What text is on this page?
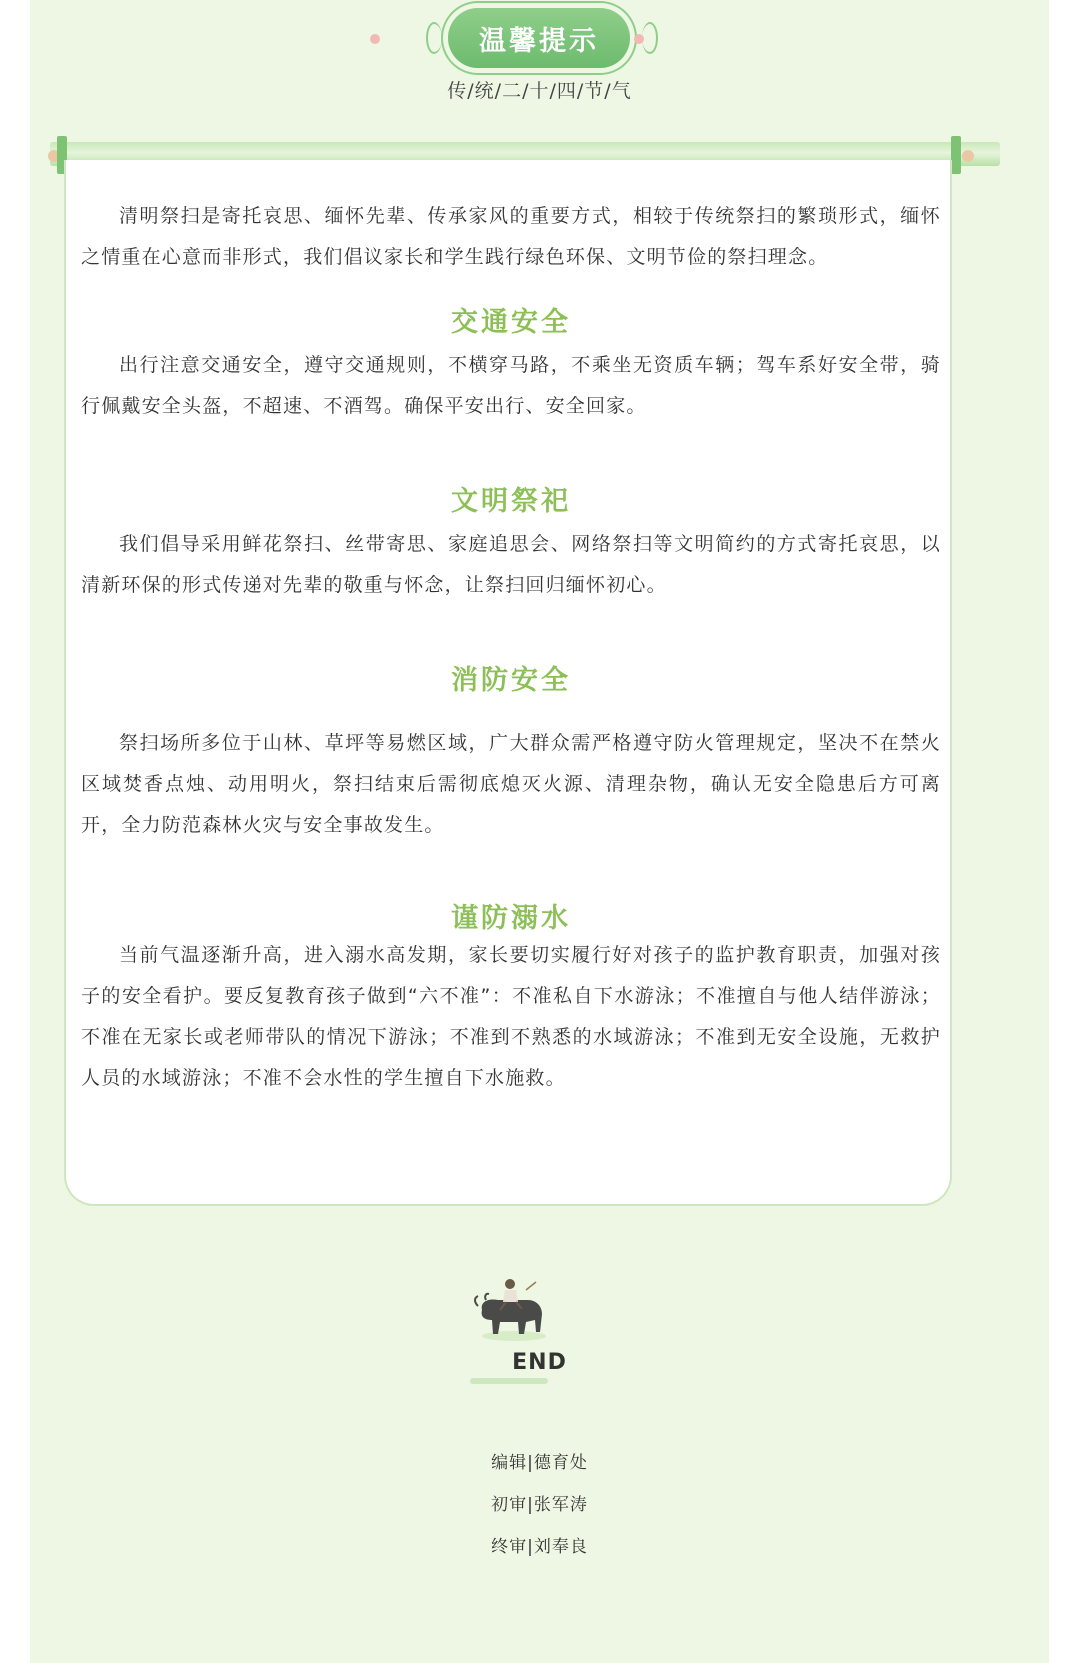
温馨提示
传/统/二/十/四/节/气

清明祭扫是寄托哀思、缅怀先辈、传承家风的重要方式，相较于传统祭扫的繁琐形式，缅怀之情重在心意而非形式，我们倡议家长和学生践行绿色环保、文明节俭的祭扫理念。

交通安全

出行注意交通安全，遵守交通规则，不横穿马路，不乘坐无资质车辆；驾车系好安全带，骑行佩戴安全头盔，不超速、不酒驾。确保平安出行、安全回家。

文明祭祀

我们倡导采用鲜花祭扫、丝带寄思、家庭追思会、网络祭扫等文明简约的方式寄托哀思，以清新环保的形式传递对先辈的敬重与怀念，让祭扫回归缅怀初心。

消防安全

祭扫场所多位于山林、草坪等易燃区域，广大群众需严格遵守防火管理规定，坚决不在禁火区域焚香点烛、动用明火，祭扫结束后需彻底熄灭火源、清理杂物，确认无安全隐患后方可离开，全力防范森林火灾与安全事故发生。

谨防溺水

当前气温逐渐升高，进入溺水高发期，家长要切实履行好对孩子的监护教育职责，加强对孩子的安全看护。要反复教育孩子做到“六不准”：不准私自下水游泳；不准擅自与他人结伴游泳；不准在无家长或老师带队的情况下游泳；不准到不熟悉的水域游泳；不准到无安全设施，无救护人员的水域游泳；不准不会水性的学生擅自下水施救。

END
编辑|德育处
初审|张军涛
终审|刘奉良
